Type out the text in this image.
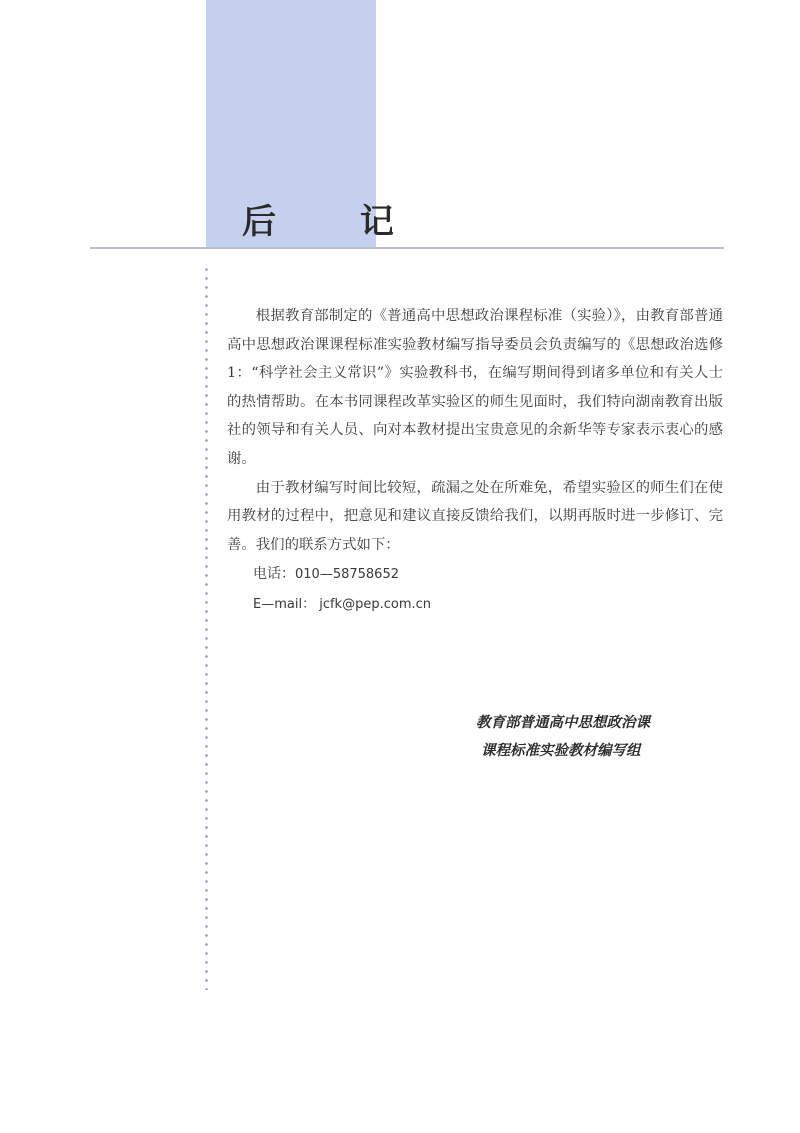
后 记

根据教育部制定的《普通高中思想政治课程标准（实验）》，由教育部普通高中思想政治课课程标准实验教材编写指导委员会负责编写的《思想政治选修1：“科学社会主义常识”》实验教科书，在编写期间得到诸多单位和有关人士的热情帮助。在本书同课程改革实验区的师生见面时，我们特向湖南教育出版社的领导和有关人员、向对本教材提出宝贵意见的余新华等专家表示衷心的感谢。

由于教材编写时间比较短，疏漏之处在所难免，希望实验区的师生们在使用教材的过程中，把意见和建议直接反馈给我们，以期再版时进一步修订、完善。我们的联系方式如下：

电话：010—58758652
E—mail： jcfk@pep.com.cn
教育部普通高中思想政治课
课程标准实验教材编写组
